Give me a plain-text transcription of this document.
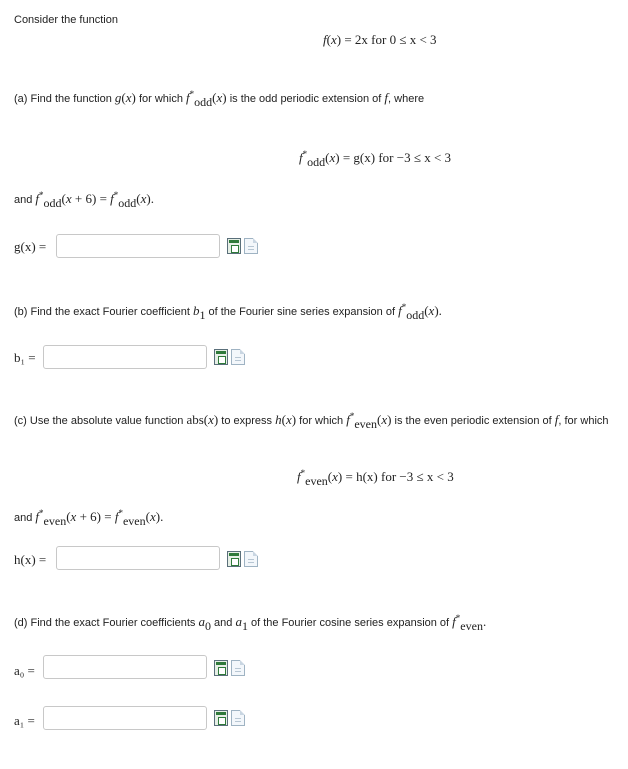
Consider the function
f(x) = 2x for 0 ≤ x < 3
(a) Find the function g(x) for which $f^*_{odd}(x)$ is the odd periodic extension of f, where
$f^*_{odd}(x) = g(x)$ for −3 ≤ x < 3
and $f^*_{odd}(x + 6) = f^*_{odd}(x)$.
g(x) =
(b) Find the exact Fourier coefficient $b_1$ of the Fourier sine series expansion of $f^*_{odd}(x)$.
b₁ =
(c) Use the absolute value function abs(x) to express h(x) for which $f^*_{even}(x)$ is the even periodic extension of f, for which
$f^*_{even}(x) = h(x)$ for −3 ≤ x < 3
and $f^*_{even}(x + 6) = f^*_{even}(x)$.
h(x) =
(d) Find the exact Fourier coefficients $a_0$ and $a_1$ of the Fourier cosine series expansion of $f^*_{even}$.
a₀ =
a₁ =
